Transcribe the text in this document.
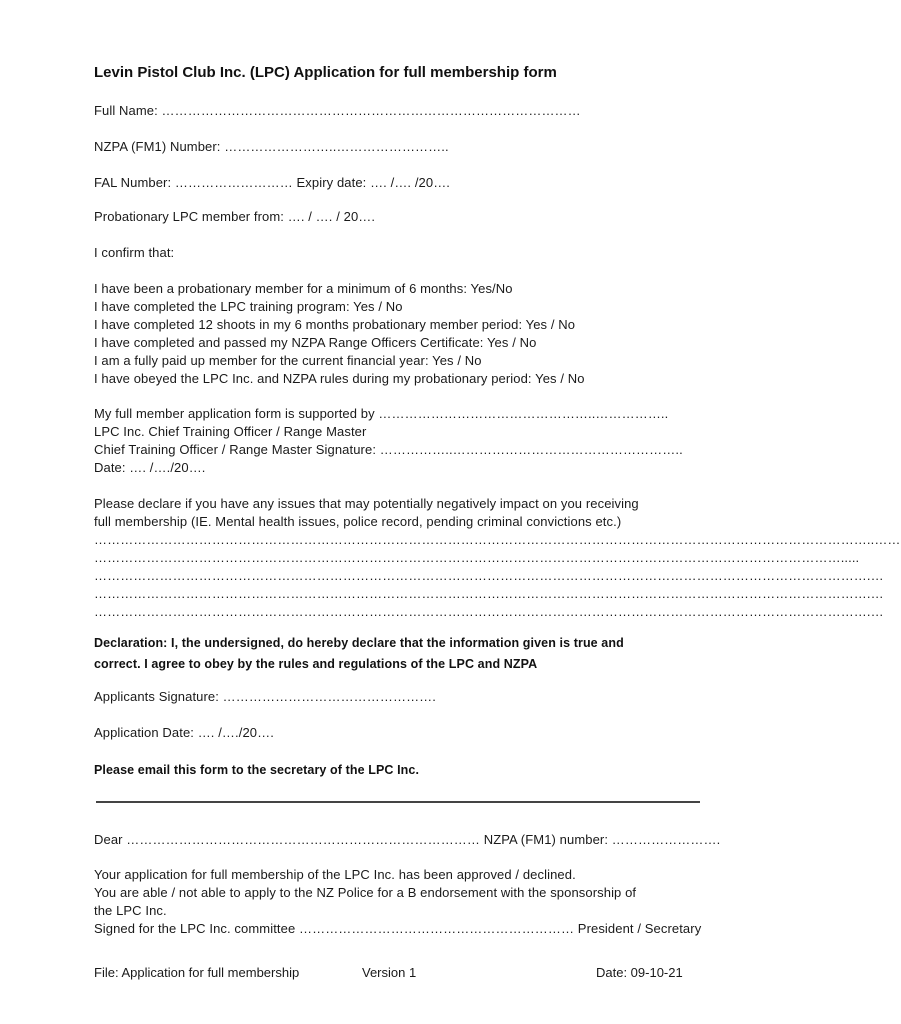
Levin Pistol Club Inc. (LPC) Application for full membership form
Full Name: ……………………………………………………………………………………
NZPA (FM1) Number: ……………………..……………………..
FAL Number: ……………………… Expiry date: …. /…. /20….
Probationary LPC member from: …. / …. / 20….
I confirm that:
I have been a probationary member for a minimum of 6 months: Yes/No
I have completed the LPC training program: Yes / No
I have completed 12 shoots in my 6 months probationary member period: Yes / No
I have completed and passed my NZPA Range Officers Certificate: Yes / No
I am a fully paid up member for the current financial year: Yes / No
I have obeyed the LPC Inc. and NZPA rules during my probationary period: Yes / No
My full member application form is supported by …………………………………………..……………..
LPC Inc. Chief Training Officer / Range Master
Chief Training Officer / Range Master Signature: ……………..……………………………………………..
Date: …. /…./20….
Please declare if you have any issues that may potentially negatively impact on you receiving
full membership (IE. Mental health issues, police record, pending criminal convictions etc.)
……………………………………………………………………………………………………………………………………………………………..……
……………………………………………………………………………………………………………………………………………………….....
…………………………………………………………………………………………………………………………………………………………….…
…………………………………………………………………………………………………………………………………………………………….…
…………………………………………………………………………………………………………………………………………………………….…
Declaration: I, the undersigned, do hereby declare that the information given is true and
correct. I agree to obey by the rules and regulations of the LPC and NZPA
Applicants Signature: ………………………………………….
Application Date: …. /…./20….
Please email this form to the secretary of the LPC Inc.
Dear ……………………………………………………………………… NZPA (FM1) number: …………………….
Your application for full membership of the LPC Inc. has been approved / declined.
You are able / not able to apply to the NZ Police for a B endorsement with the sponsorship of
the LPC Inc.
Signed for the LPC Inc. committee ……………………………………………………… President / Secretary
File: Application for full membership	Version 1	Date: 09-10-21
